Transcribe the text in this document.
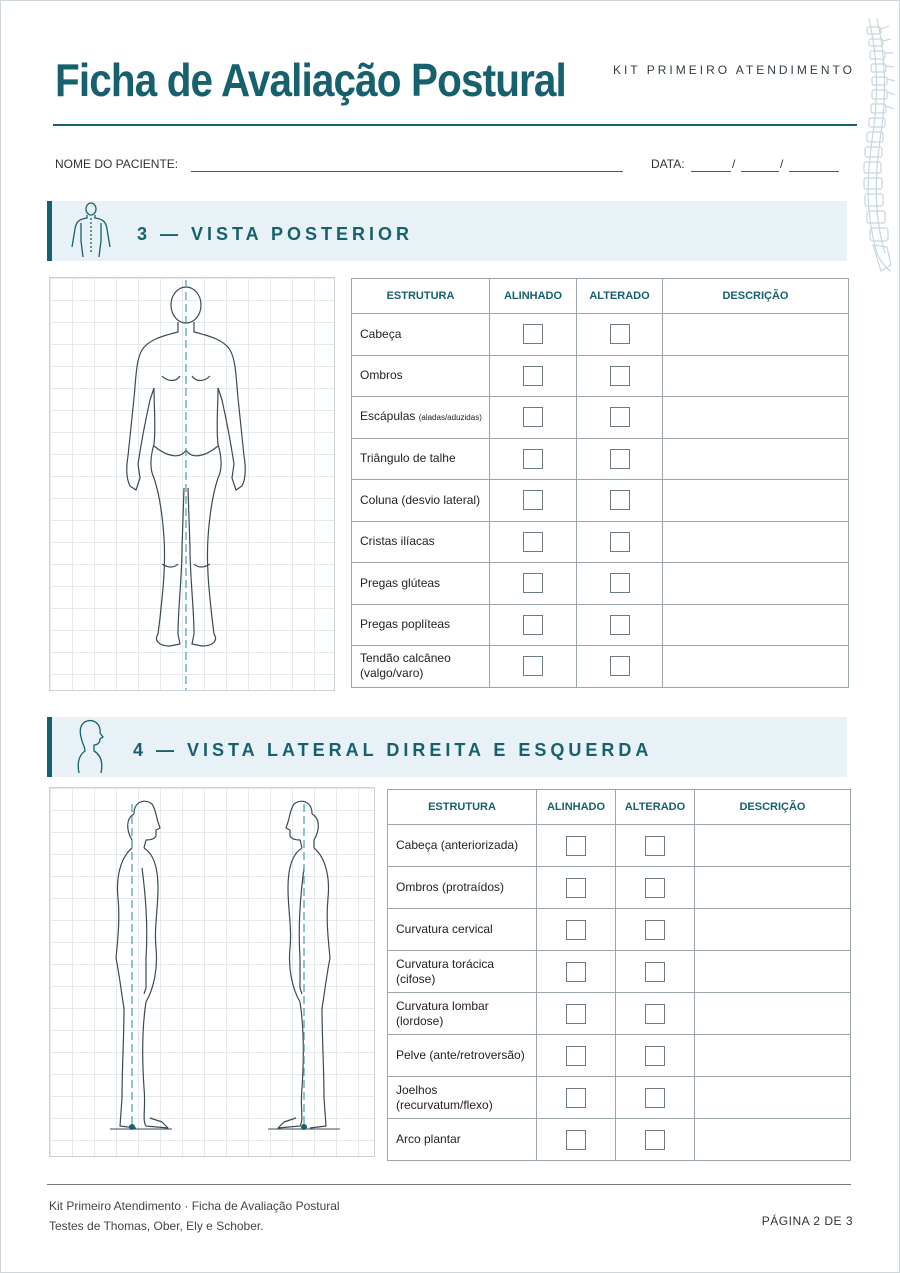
Ficha de Avaliação Postural	KIT PRIMEIRO ATENDIMENTO
NOME DO PACIENTE:	DATA:	/	/
3 — VISTA POSTERIOR
ESTRUTURA	ALINHADO	ALTERADO	DESCRIÇÃO
Cabeça			
Ombros			
Escápulas (aladas/aduzidas)			
Triângulo de talhe			
Coluna (desvio lateral)			
Cristas ilíacas			
Pregas glúteas			
Pregas poplíteas			
Tendão calcâneo (valgo/varo)			
4 — VISTA LATERAL DIREITA E ESQUERDA
ESTRUTURA	ALINHADO	ALTERADO	DESCRIÇÃO
Cabeça (anteriorizada)			
Ombros (protraídos)			
Curvatura cervical			
Curvatura torácica (cifose)			
Curvatura lombar (lordose)			
Pelve (ante/retroversão)			
Joelhos (recurvatum/flexo)			
Arco plantar			
Kit Primeiro Atendimento · Ficha de Avaliação Postural
Testes de Thomas, Ober, Ely e Schober.	PÁGINA 2 DE 3
